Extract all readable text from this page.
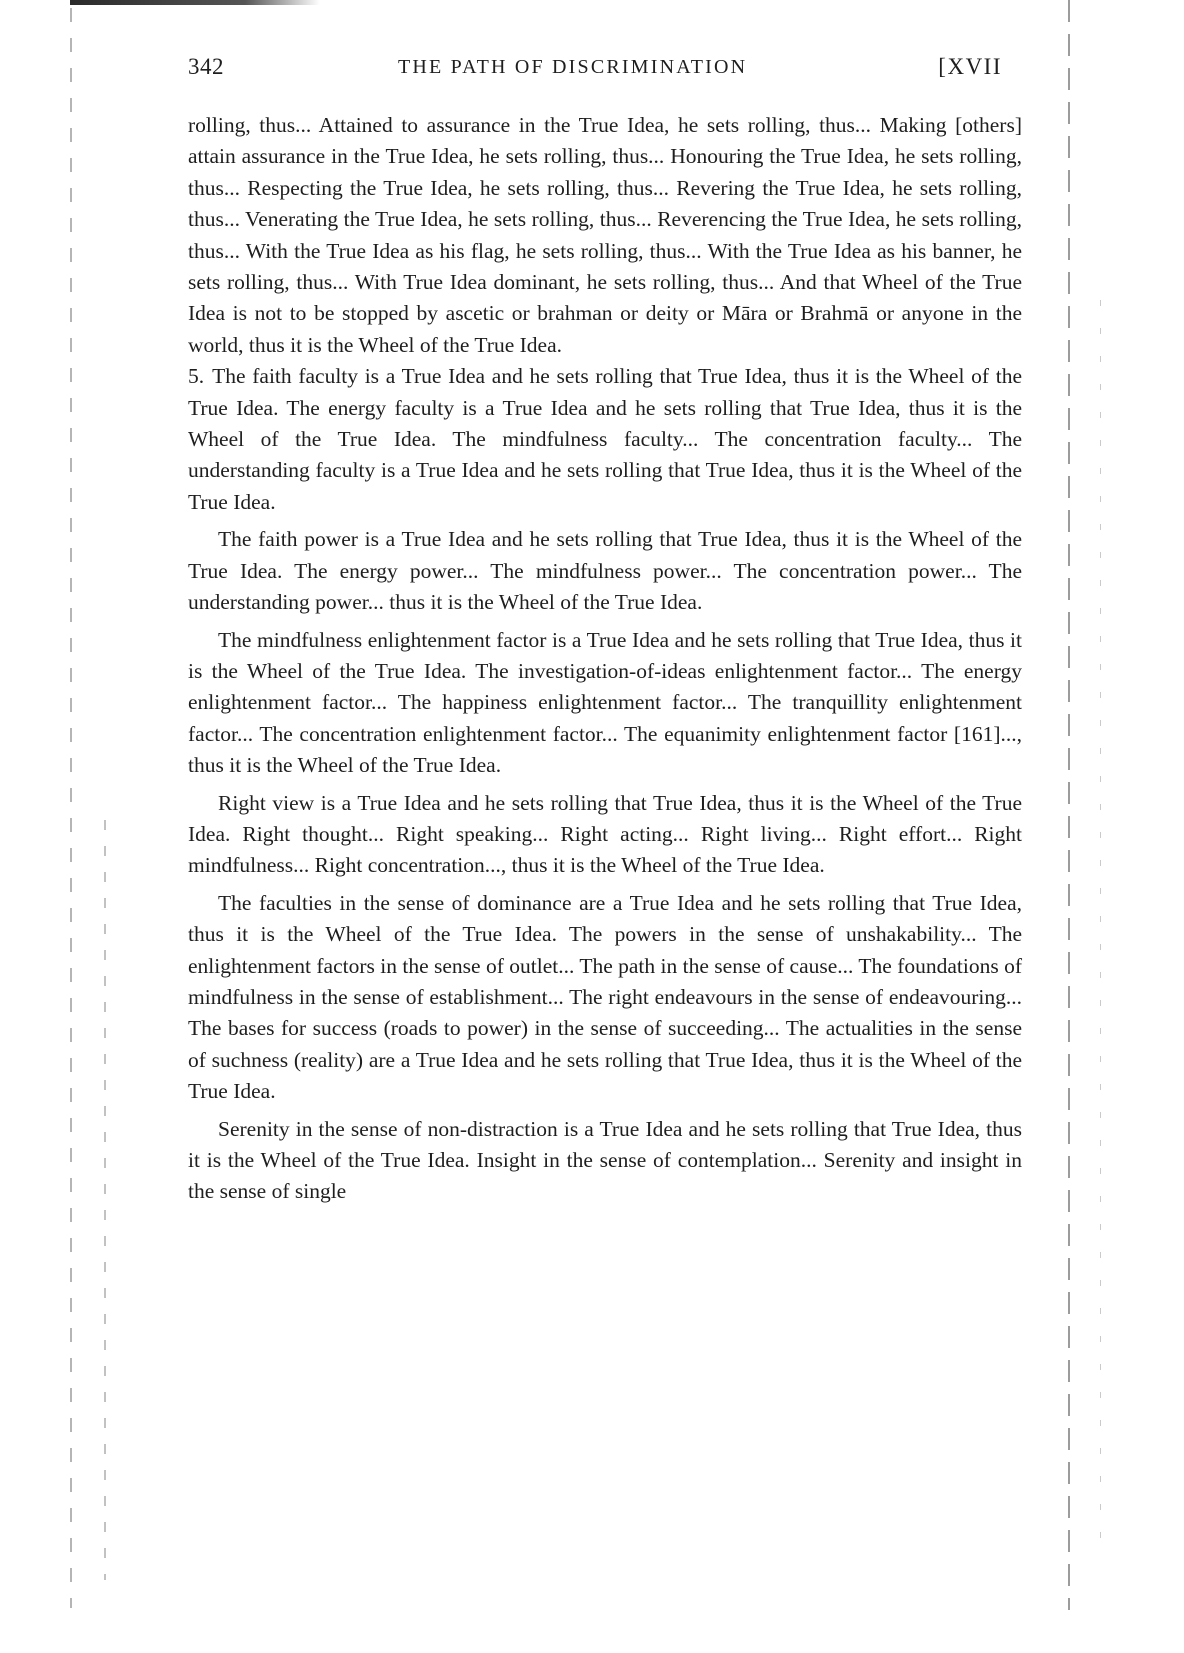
342	THE PATH OF DISCRIMINATION	[XVII

rolling, thus... Attained to assurance in the True Idea, he sets rolling, thus... Making [others] attain assurance in the True Idea, he sets rolling, thus... Honouring the True Idea, he sets rolling, thus... Respecting the True Idea, he sets rolling, thus... Revering the True Idea, he sets rolling, thus... Venerating the True Idea, he sets rolling, thus... Reverencing the True Idea, he sets rolling, thus... With the True Idea as his flag, he sets rolling, thus... With the True Idea as his banner, he sets rolling, thus... With True Idea dominant, he sets rolling, thus... And that Wheel of the True Idea is not to be stopped by ascetic or brahman or deity or Māra or Brahmā or anyone in the world, thus it is the Wheel of the True Idea.

5. The faith faculty is a True Idea and he sets rolling that True Idea, thus it is the Wheel of the True Idea. The energy faculty is a True Idea and he sets rolling that True Idea, thus it is the Wheel of the True Idea. The mindfulness faculty... The concentration faculty... The understanding faculty is a True Idea and he sets rolling that True Idea, thus it is the Wheel of the True Idea.

The faith power is a True Idea and he sets rolling that True Idea, thus it is the Wheel of the True Idea. The energy power... The mindfulness power... The concentration power... The understanding power... thus it is the Wheel of the True Idea.

The mindfulness enlightenment factor is a True Idea and he sets rolling that True Idea, thus it is the Wheel of the True Idea. The investigation-of-ideas enlightenment factor... The energy enlightenment factor... The happiness enlightenment factor... The tranquillity enlightenment factor... The concentration enlightenment factor... The equanimity enlightenment factor [161]..., thus it is the Wheel of the True Idea.

Right view is a True Idea and he sets rolling that True Idea, thus it is the Wheel of the True Idea. Right thought... Right speaking... Right acting... Right living... Right effort... Right mindfulness... Right concentration..., thus it is the Wheel of the True Idea.

The faculties in the sense of dominance are a True Idea and he sets rolling that True Idea, thus it is the Wheel of the True Idea. The powers in the sense of unshakability... The enlightenment factors in the sense of outlet... The path in the sense of cause... The foundations of mindfulness in the sense of establishment... The right endeavours in the sense of endeavouring... The bases for success (roads to power) in the sense of succeeding... The actualities in the sense of suchness (reality) are a True Idea and he sets rolling that True Idea, thus it is the Wheel of the True Idea.

Serenity in the sense of non-distraction is a True Idea and he sets rolling that True Idea, thus it is the Wheel of the True Idea. Insight in the sense of contemplation... Serenity and insight in the sense of single
